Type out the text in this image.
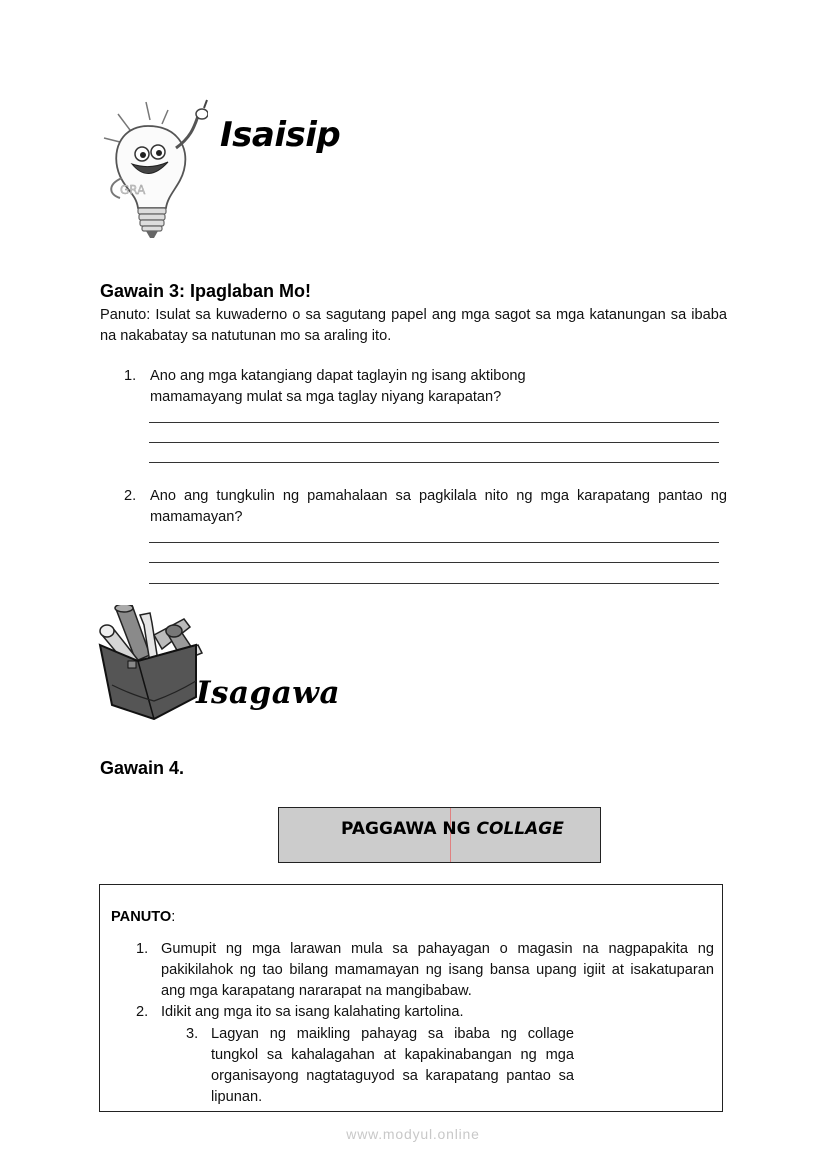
GRA
Isaisip
Gawain 3: Ipaglaban Mo!
Panuto: Isulat sa kuwaderno o sa sagutang papel ang mga sagot sa mga katanungan sa ibaba na nakabatay sa natutunan mo sa araling ito.
1. Ano ang mga katangiang dapat taglayin ng isang aktibong mamamayang mulat sa mga taglay niyang karapatan?
2. Ano ang tungkulin ng pamahalaan sa pagkilala nito ng mga karapatang pantao ng mamamayan?
Isagawa
Gawain 4.
PAGGAWA NG COLLAGE
PANUTO:
1. Gumupit ng mga larawan mula sa pahayagan o magasin na nagpapakita ng pakikilahok ng tao bilang mamamayan ng isang bansa upang igiit at isakatuparan ang mga karapatang nararapat na mangibabaw.
2. Idikit ang mga ito sa isang kalahating kartolina.
3. Lagyan ng maikling pahayag sa ibaba ng collage tungkol sa kahalagahan at kapakinabangan ng mga organisayong nagtataguyod sa karapatang pantao sa lipunan.
www.modyul.online
